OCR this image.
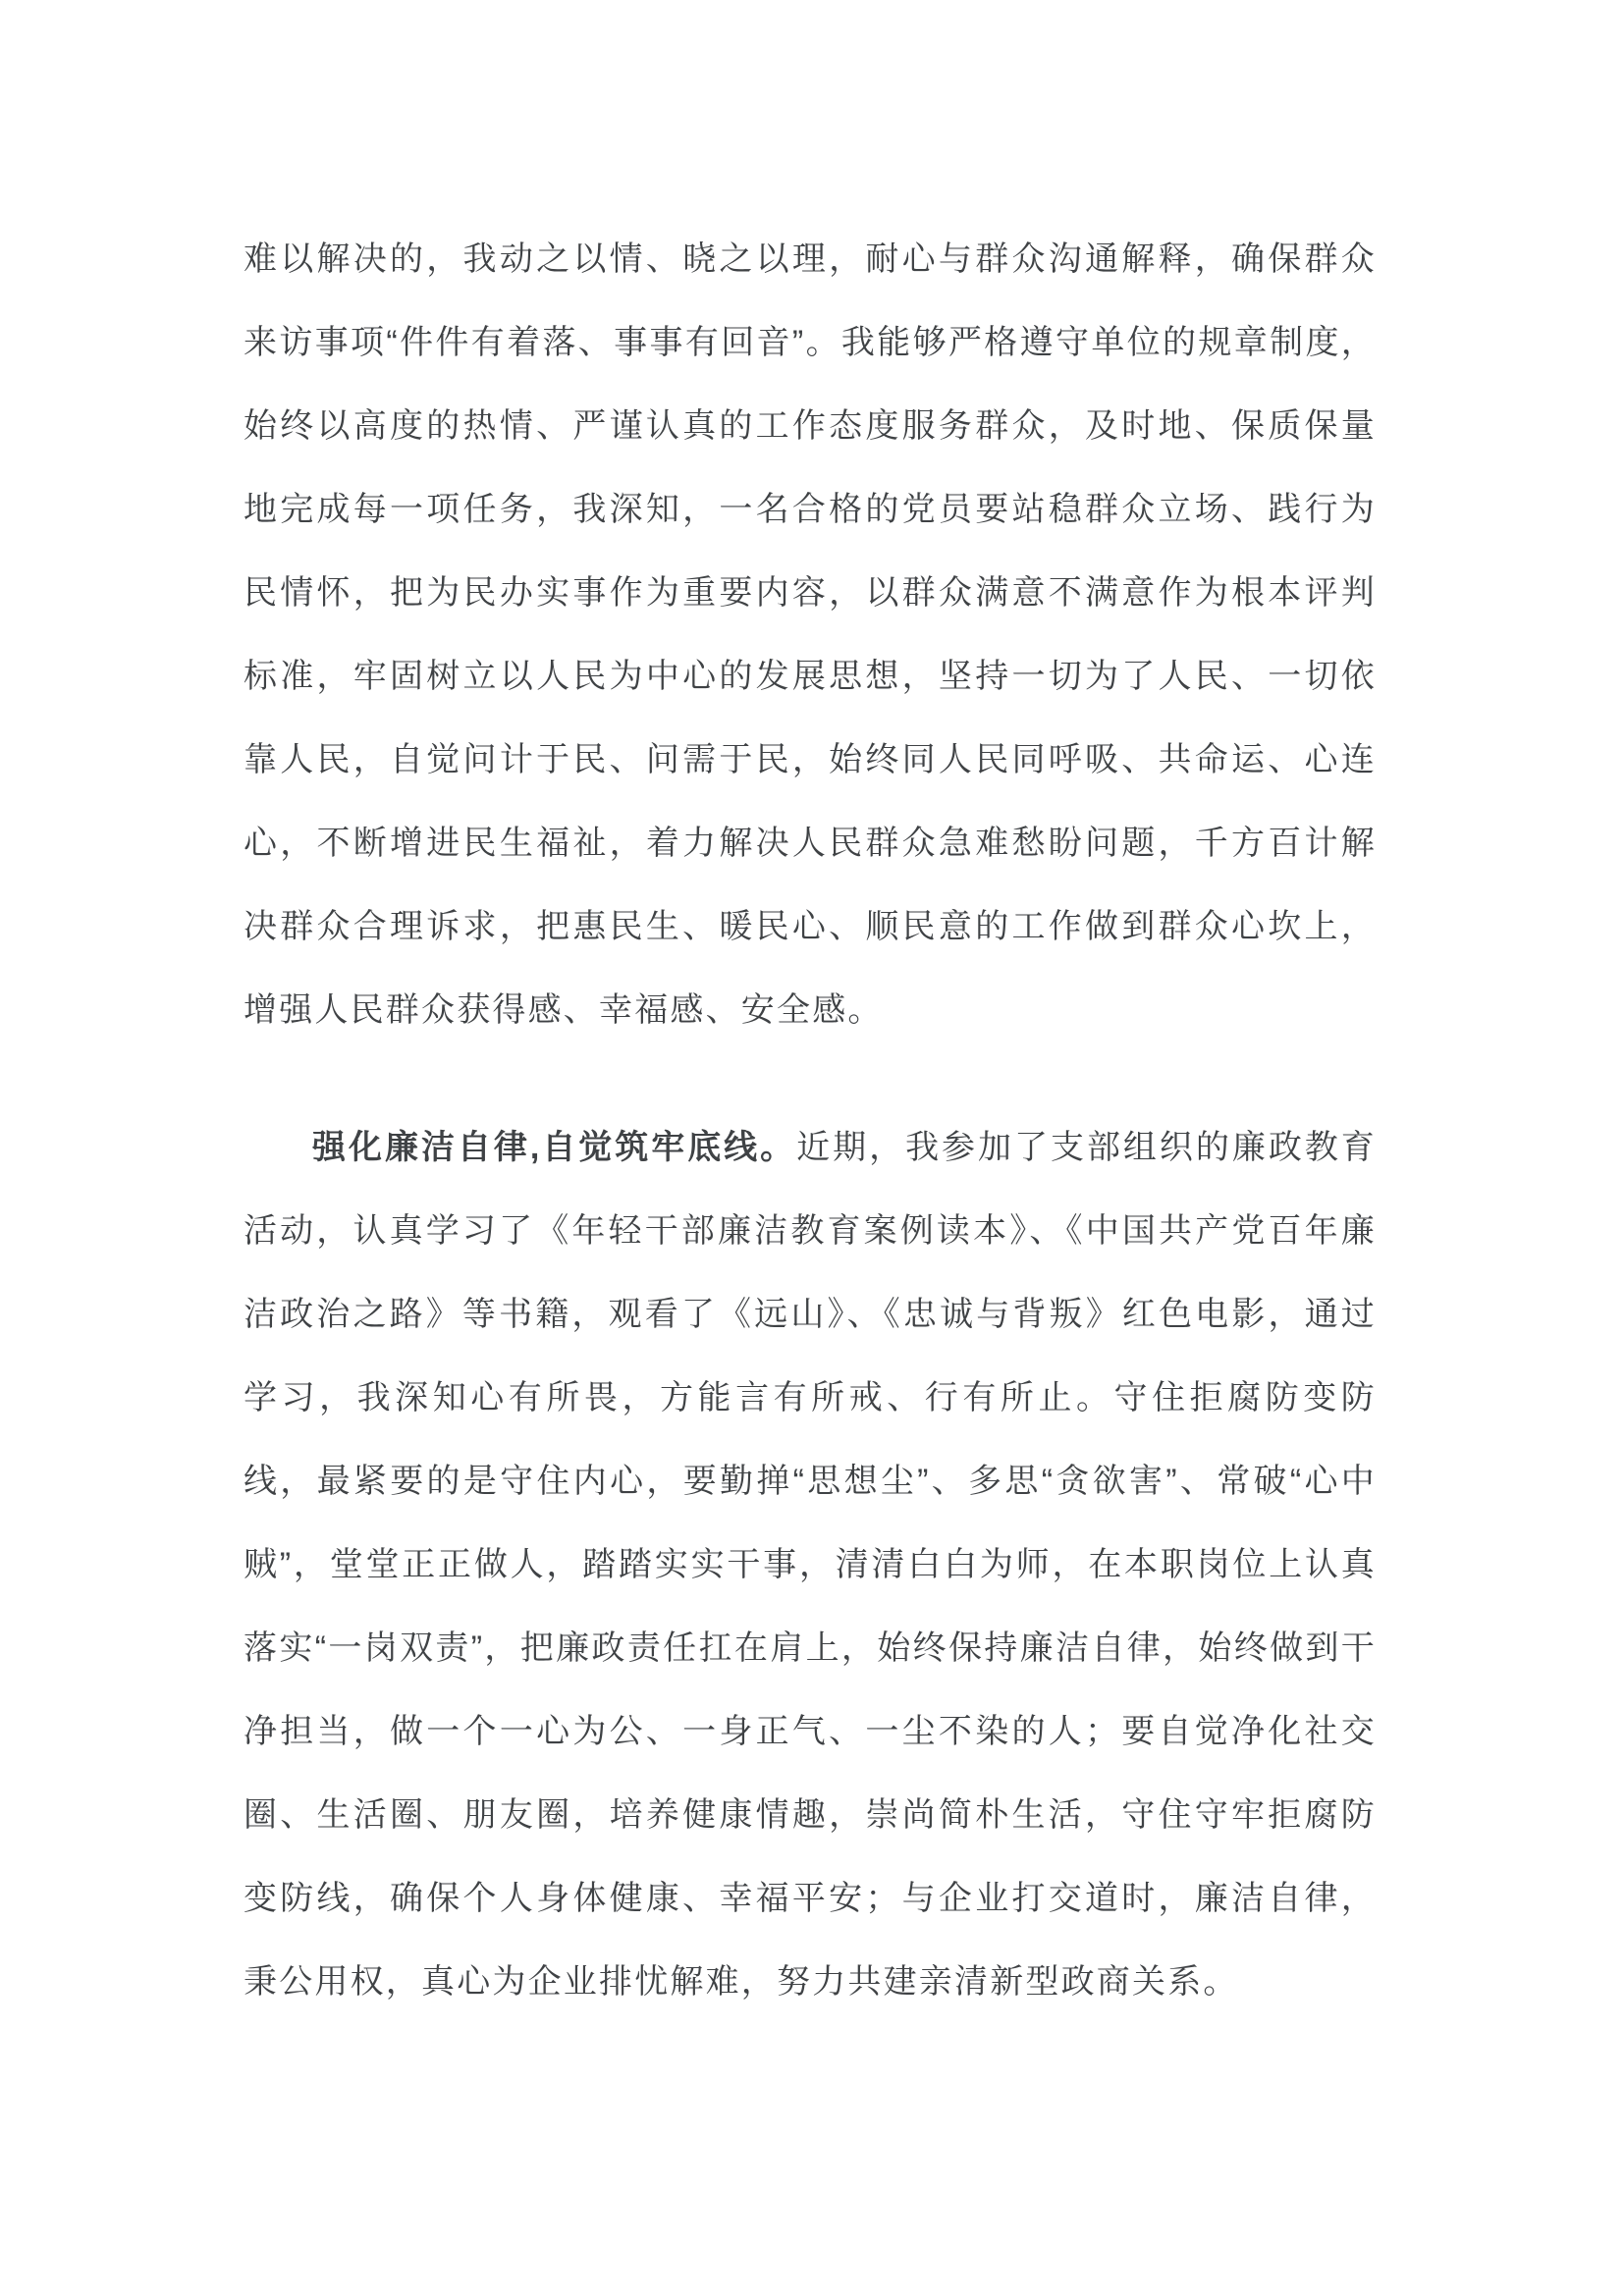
难以解决的，我动之以情、晓之以理，耐心与群众沟通解释，确保群众来访事项“件件有着落、事事有回音”。我能够严格遵守单位的规章制度，始终以高度的热情、严谨认真的工作态度服务群众，及时地、保质保量地完成每一项任务，我深知，一名合格的党员要站稳群众立场、践行为民情怀，把为民办实事作为重要内容，以群众满意不满意作为根本评判标准，牢固树立以人民为中心的发展思想，坚持一切为了人民、一切依靠人民，自觉问计于民、问需于民，始终同人民同呼吸、共命运、心连心，不断增进民生福祉，着力解决人民群众急难愁盼问题，千方百计解决群众合理诉求，把惠民生、暖民心、顺民意的工作做到群众心坎上，增强人民群众获得感、幸福感、安全感。

强化廉洁自律,自觉筑牢底线。近期，我参加了支部组织的廉政教育活动，认真学习了《年轻干部廉洁教育案例读本》、《中国共产党百年廉洁政治之路》等书籍，观看了《远山》、《忠诚与背叛》红色电影，通过学习，我深知心有所畏，方能言有所戒、行有所止。守住拒腐防变防线，最紧要的是守住内心，要勤掸“思想尘”、多思“贪欲害”、常破“心中贼”，堂堂正正做人，踏踏实实干事，清清白白为师，在本职岗位上认真落实“一岗双责”，把廉政责任扛在肩上，始终保持廉洁自律，始终做到干净担当，做一个一心为公、一身正气、一尘不染的人；要自觉净化社交圈、生活圈、朋友圈，培养健康情趣，崇尚简朴生活，守住守牢拒腐防变防线，确保个人身体健康、幸福平安；与企业打交道时，廉洁自律，秉公用权，真心为企业排忧解难，努力共建亲清新型政商关系。
